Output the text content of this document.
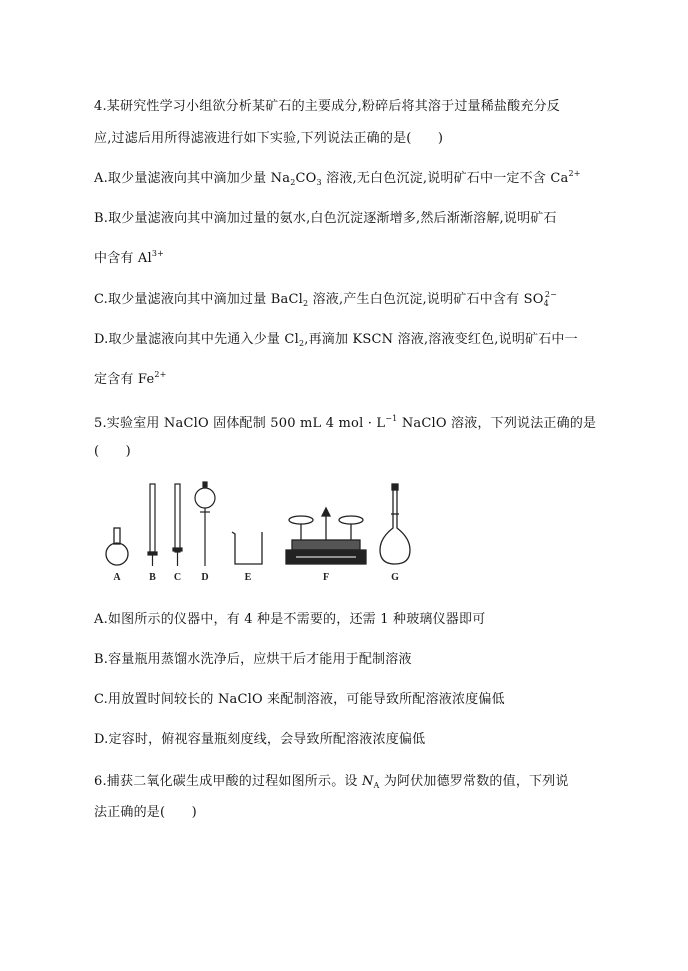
4.某研究性学习小组欲分析某矿石的主要成分,粉碎后将其溶于过量稀盐酸充分反
应,过滤后用所得滤液进行如下实验,下列说法正确的是(　　)
A.取少量滤液向其中滴加少量 $Na_2CO_3$ 溶液,无白色沉淀,说明矿石中一定不含 $Ca^{2+}$
B.取少量滤液向其中滴加过量的氨水,白色沉淀逐渐增多,然后渐渐溶解,说明矿石
中含有 $Al^{3+}$
C.取少量滤液向其中滴加过量 BaCl$_2$ 溶液,产生白色沉淀,说明矿石中含有 $SO_4^{2-}$
D.取少量滤液向其中先通入少量 $Cl_2$,再滴加 KSCN 溶液,溶液变红色,说明矿石中一
定含有 $Fe^{2+}$
5.实验室用 NaClO 固体配制 500 mL 4 mol · $L^{-1}$ NaClO 溶液，下列说法正确的是
(　　)
A	B C D	E	F	G
A.如图所示的仪器中，有 4 种是不需要的，还需 1 种玻璃仪器即可
B.容量瓶用蒸馏水洗净后，应烘干后才能用于配制溶液
C.用放置时间较长的 NaClO 来配制溶液，可能导致所配溶液浓度偏低
D.定容时，俯视容量瓶刻度线，会导致所配溶液浓度偏低
6.捕获二氧化碳生成甲酸的过程如图所示。设 $N_A$ 为阿伏加德罗常数的值，下列说
法正确的是(　　)
